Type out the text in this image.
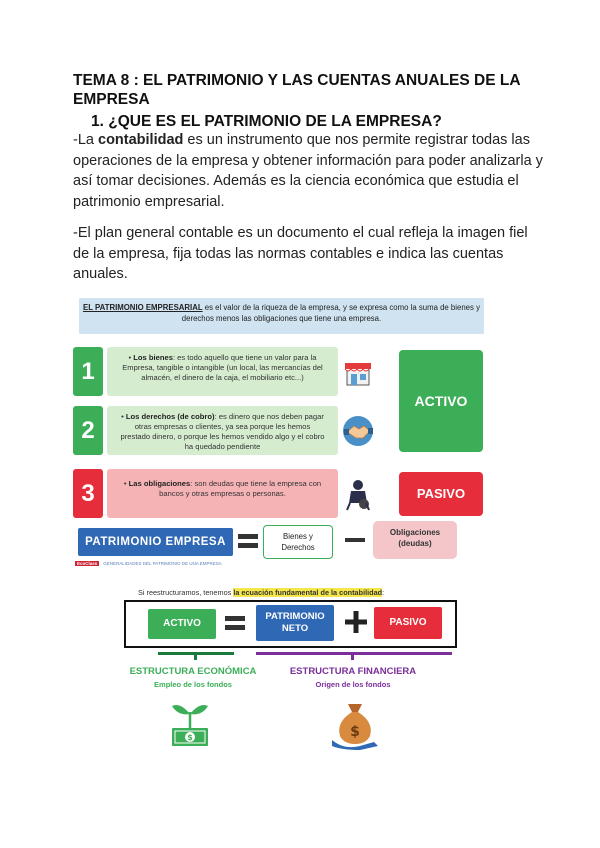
TEMA 8 : EL PATRIMONIO Y LAS CUENTAS ANUALES DE LA
EMPRESA
1. ¿QUE ES EL PATRIMONIO DE LA EMPRESA?
-La contabilidad es un instrumento que nos permite registrar todas las operaciones de la empresa y obtener información para poder analizarla y así tomar decisiones. Además es la ciencia económica que estudia el patrimonio empresarial.
-El plan general contable es un documento el cual refleja la imagen fiel de la empresa, fija todas las normas contables e indica las cuentas anuales.
EL PATRIMONIO EMPRESARIAL es el valor de la riqueza de la empresa, y se expresa como la suma de bienes y derechos menos las obligaciones que tiene una empresa.
1
• Los bienes: es todo aquello que tiene un valor para la Empresa, tangible o intangible (un local, las mercancías del almacén, el dinero de la caja, el mobiliario etc...)
2
• Los derechos (de cobro): es dinero que nos deben pagar otras empresas o clientes, ya sea porque les hemos prestado dinero, o porque les hemos vendido algo y el cobro ha quedado pendiente
3	• Las obligaciones: son deudas que tiene la empresa con bancos y otras empresas o personas.
ACTIVO
PASIVO
PATRIMONIO EMPRESA	Bienes y
Derechos
Obligaciones
(deudas)
EcoClass GENERALIDADES DEL PATRIMONIO DE UNA EMPRESA
Si reestructuramos, tenemos la ecuación fundamental de la contabilidad:
ACTIVO
PATRIMONIO
NETO
PASIVO
ESTRUCTURA ECONÓMICA
Empleo de los fondos
ESTRUCTURA FINANCIERA
Origen de los fondos
$	$
